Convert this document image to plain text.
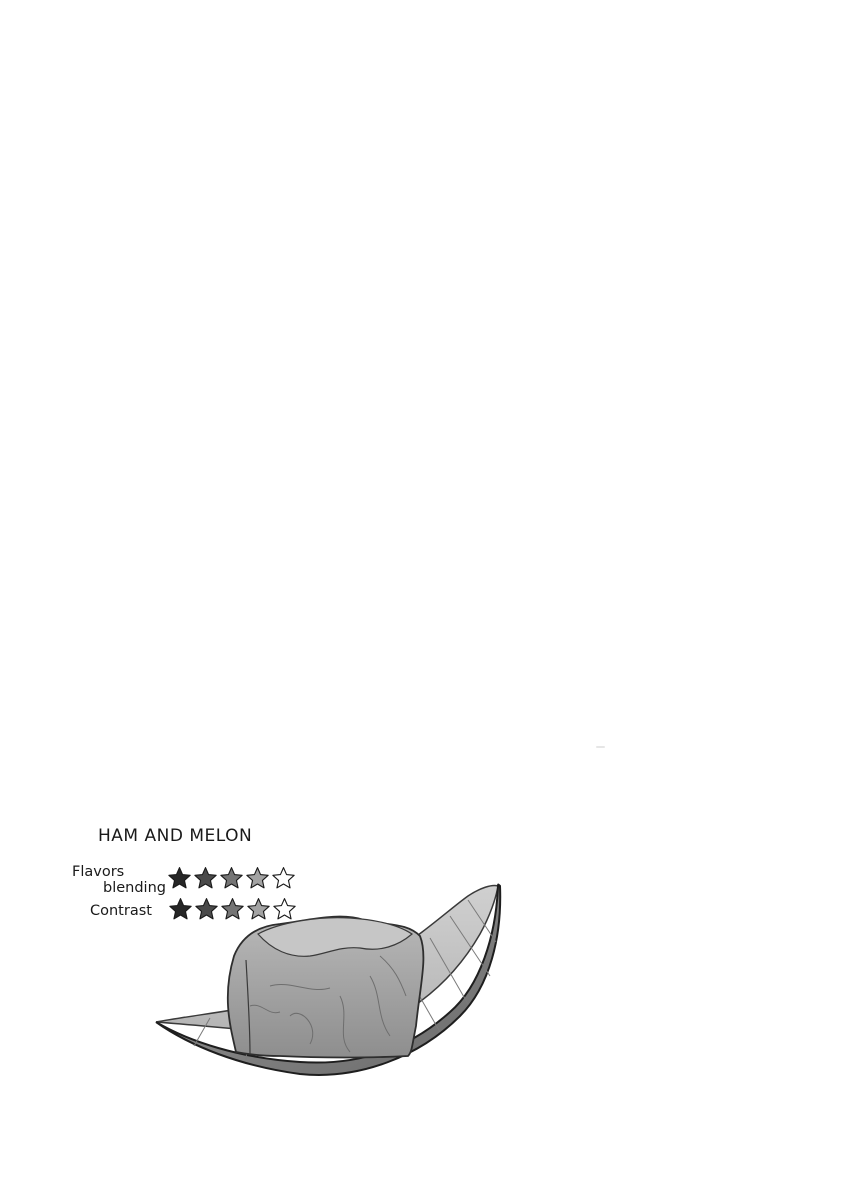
HAM AND MELON
Flavors
blending
Contrast
